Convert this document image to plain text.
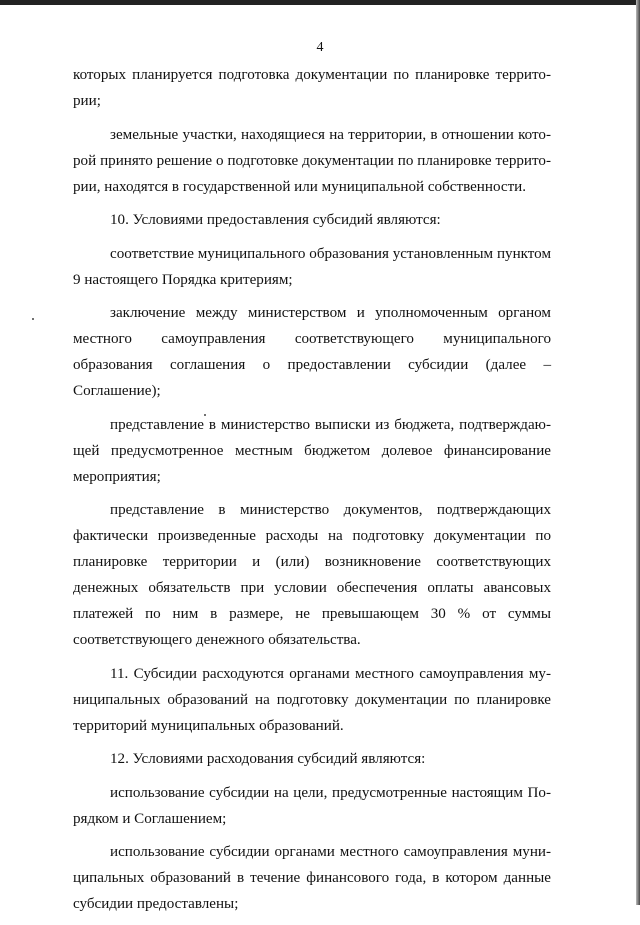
4

которых планируется подготовка документации по планировке территории;

земельные участки, находящиеся на территории, в отношении которой принято решение о подготовке документации по планировке территории, находятся в государственной или муниципальной собственности.

10. Условиями предоставления субсидий являются:

соответствие муниципального образования установленным пунктом 9 настоящего Порядка критериям;

заключение между министерством и уполномоченным органом местного самоуправления соответствующего муниципального образования соглашения о предоставлении субсидии (далее – Соглашение);

представление в министерство выписки из бюджета, подтверждающей предусмотренное местным бюджетом долевое финансирование мероприятия;

представление в министерство документов, подтверждающих фактически произведенные расходы на подготовку документации по планировке территории и (или) возникновение соответствующих денежных обязательств при условии обеспечения оплаты авансовых платежей по ним в размере, не превышающем 30 % от суммы соответствующего денежного обязательства.

11. Субсидии расходуются органами местного самоуправления муниципальных образований на подготовку документации по планировке территорий муниципальных образований.

12. Условиями расходования субсидий являются:

использование субсидии на цели, предусмотренные настоящим Порядком и Соглашением;

использование субсидии органами местного самоуправления муниципальных образований в течение финансового года, в котором данные субсидии предоставлены;
